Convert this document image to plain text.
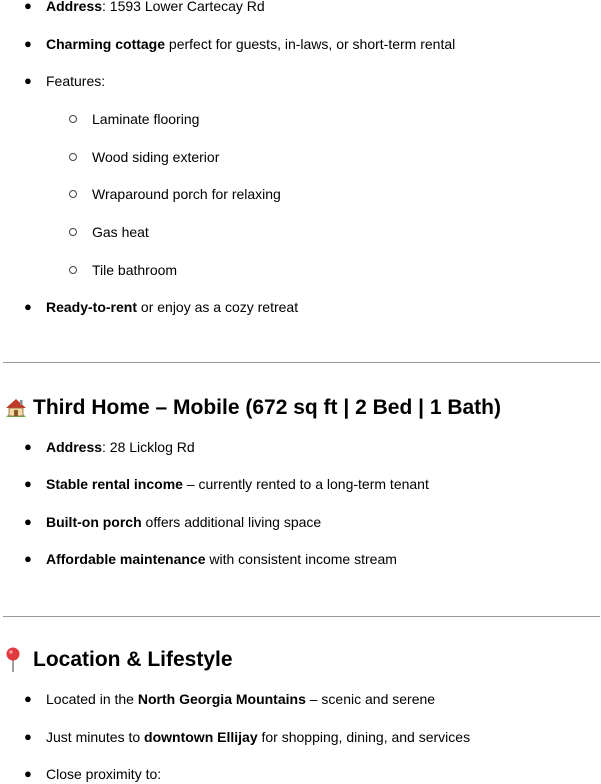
● Address: 1593 Lower Cartecay Rd
● Charming cottage perfect for guests, in-laws, or short-term rental
● Features:
Laminate flooring
Wood siding exterior
Wraparound porch for relaxing
Gas heat
Tile bathroom
● Ready-to-rent or enjoy as a cozy retreat
Third Home – Mobile (672 sq ft | 2 Bed | 1 Bath)
● Address: 28 Licklog Rd
● Stable rental income – currently rented to a long-term tenant
● Built-on porch offers additional living space
● Affordable maintenance with consistent income stream
Location & Lifestyle
● Located in the North Georgia Mountains – scenic and serene
● Just minutes to downtown Ellijay for shopping, dining, and services
● Close proximity to:
